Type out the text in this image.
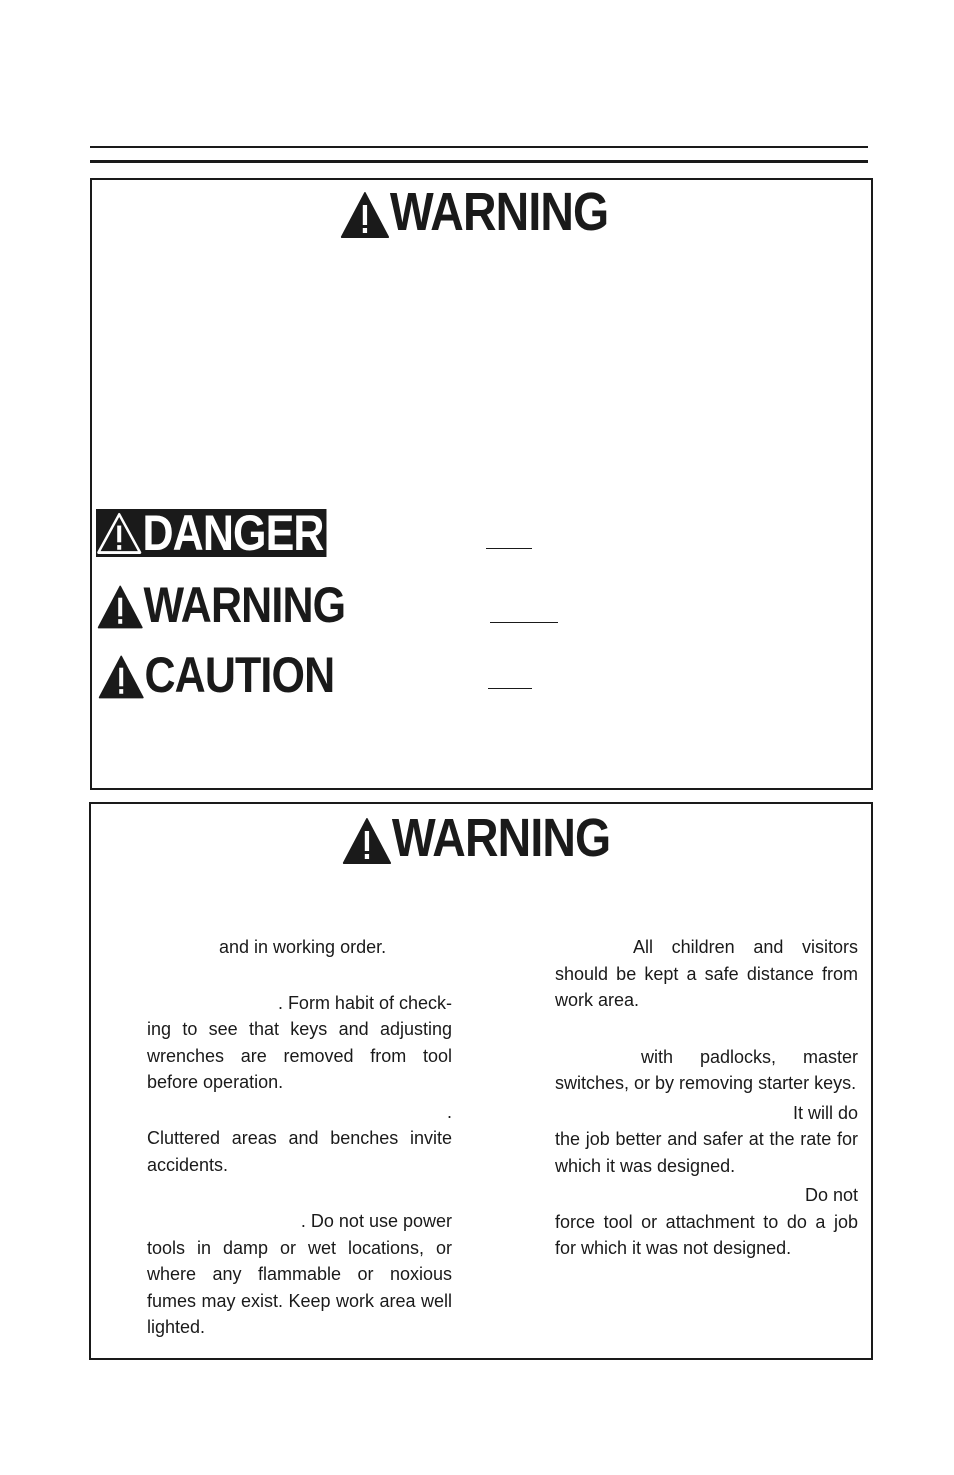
WARNING
DANGER
WARNING
CAUTION
WARNING

and in working order.

. Form habit of check-

ing to see that keys and adjusting wrenches are removed from tool before operation.

.

Cluttered areas and benches invite accidents.

. Do not use power

tools in damp or wet locations, or where any flammable or noxious fumes may exist. Keep work area well lighted.

All children and visitors should be kept a safe distance from work area.

with padlocks, master switches, or by removing starter keys.

It will do

the job better and safer at the rate for which it was designed.

Do not

force tool or attachment to do a job for which it was not designed.
